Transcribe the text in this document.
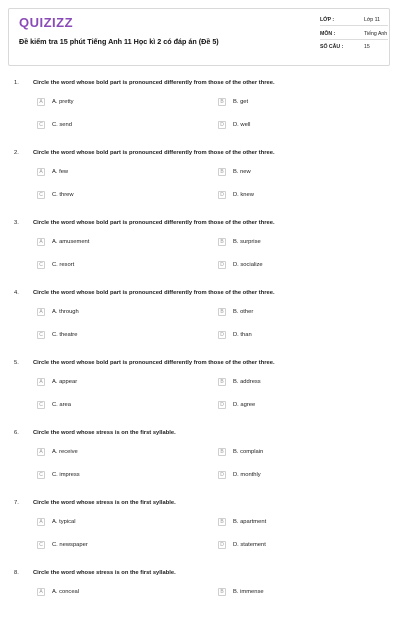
QUIZIZZ
Đề kiểm tra 15 phút Tiếng Anh 11 Học kì 2 có đáp án (Đề 5)
LỚP :	Lớp 11
MÔN :	Tiếng Anh
SỐ CÂU :	15
1. Circle the word whose bold part is pronounced differently from those of the other three.
A	A. pretty	B	B. get
C	C. send	D	D. well
2. Circle the word whose bold part is pronounced differently from those of the other three.
A	A. few	B	B. new
C	C. threw	D	D. knew
3. Circle the word whose bold part is pronounced differently from those of the other three.
A	A. amusement	B	B. surprise
C	C. resort	D	D. socialize
4. Circle the word whose bold part is pronounced differently from those of the other three.
A	A. through	B	B. other
C	C. theatre	D	D. than
5. Circle the word whose bold part is pronounced differently from those of the other three.
A	A. appear	B	B. address
C	C. area	D	D. agree
6. Circle the word whose stress is on the first syllable.
A	A. receive	B	B. complain
C	C. impress	D	D. monthly
7. Circle the word whose stress is on the first syllable.
A	A. typical	B	B. apartment
C	C. newspaper	D	D. statement
8. Circle the word whose stress is on the first syllable.
A	A. conceal	B	B. immense
